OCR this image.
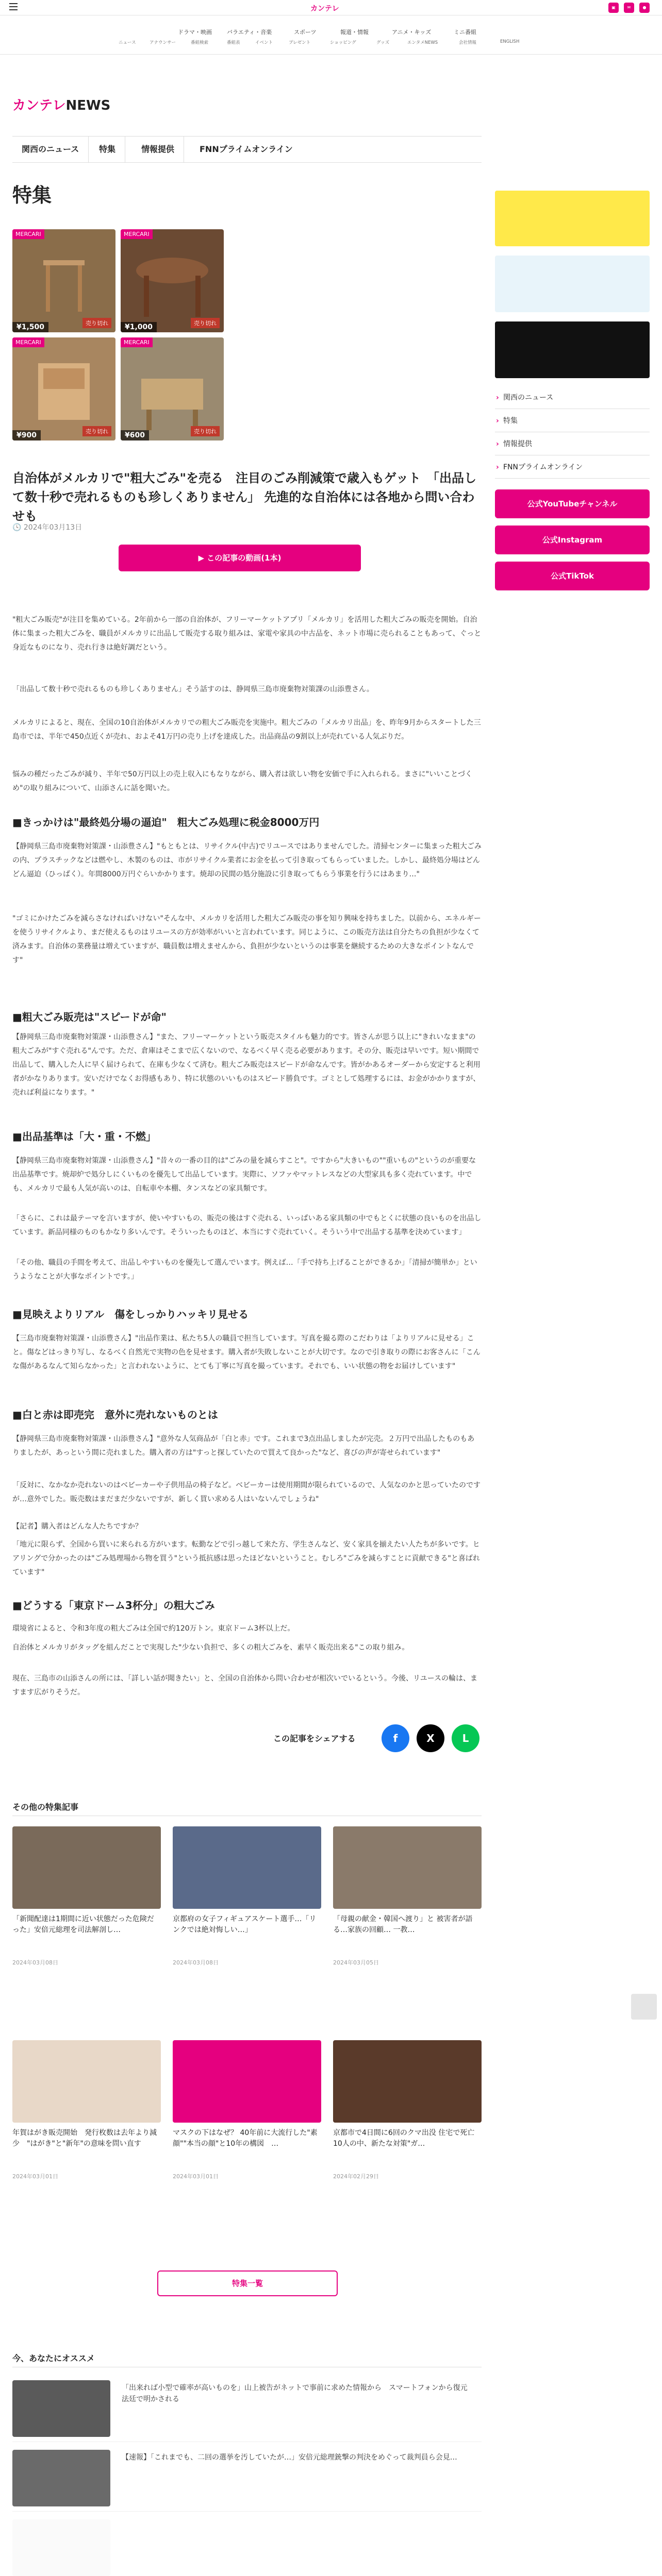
カンテレ	▣	✉	●
ドラマ・映画	バラエティ・音楽	スポーツ	報道・情報	アニメ・キッズ	ミニ番組
ニュース	アナウンサー	番組検索	番組表	イベント	プレゼント	ショッピング	グッズ	エンタメNEWS	会社情報	ENGLISH
カンテレNEWS
関西のニュース	特集	情報提供	FNNプライムオンライン
特集
MERCARI
¥1,500	売り切れ
MERCARI
¥1,000	売り切れ
MERCARI
¥900	売り切れ
MERCARI
¥600	売り切れ
自治体がメルカリで"粗大ごみ"を売る　注目のごみ削減策で歳入もゲット　「出品して数十秒で売れるものも珍しくありません」 先進的な自治体には各地から問い合わせも
🕓 2024年03月13日
▶ この記事の動画(1本)

"粗大ごみ販売"が注目を集めている。2年前から一部の自治体が、フリーマーケットアプリ「メルカリ」を活用した粗大ごみの販売を開始。自治体に集まった粗大ごみを、職員がメルカリに出品して販売する取り組みは、家電や家具の中古品を、ネット市場に売られることもあって、ぐっと身近なものになり、売れ行きは絶好調だという。

「出品して数十秒で売れるものも珍しくありません」そう話すのは、静岡県三島市廃棄物対策課の山添豊さん。

メルカリによると、現在、全国の10自治体がメルカリでの粗大ごみ販売を実施中。粗大ごみの「メルカリ出品」を、昨年9月からスタートした三島市では、半年で450点近くが売れ、およそ41万円の売り上げを達成した。出品商品の9割以上が売れている人気ぶりだ。

悩みの種だったごみが減り、半年で50万円以上の売上収入にもなりながら、購入者は欲しい物を安価で手に入れられる。まさに"いいことづくめ"の取り組みについて、山添さんに話を聞いた。

■きっかけは"最終処分場の逼迫"　粗大ごみ処理に税金8000万円

【静岡県三島市廃棄物対策課・山添豊さん】"もともとは、リサイクル(中古)でリユースではありませんでした。清掃センターに集まった粗大ごみの内、プラスチックなどは燃やし、木製のものは、市がリサイクル業者にお金を払って引き取ってもらっていました。しかし、最終処分場はどんどん逼迫（ひっぱく）。年間8000万円ぐらいかかります。焼却の民間の処分施設に引き取ってもらう事業を行うにはあまり…"

"ゴミにかけたごみを減らさなければいけない"そんな中、メルカリを活用した粗大ごみ販売の事を知り興味を持ちました。以前から、エネルギーを使うリサイクルより、まだ使えるものはリユースの方が効率がいいと言われています。同じように、この販売方法は自分たちの負担が少なくて済みます。自治体の業務量は増えていますが、職員数は増えませんから、負担が少ないというのは事業を継続するための大きなポイントなんです"

■粗大ごみ販売は"スピードが命"

【静岡県三島市廃棄物対策課・山添豊さん】"また、フリーマーケットという販売スタイルも魅力的です。皆さんが思う以上に"きれいなまま"の粗大ごみが"すぐ売れる"んです。ただ、倉庫はそこまで広くないので、なるべく早く売る必要があります。その分、販売は早いです。短い期間で出品して、購入した人に早く届けられて、在庫も少なくて済む。粗大ごみ販売はスピードが命なんです。皆がかあるオーダーから安定すると利用者がかなりあります。安いだけでなくお得感もあり、特に状態のいいものはスピード勝負です。ゴミとして処理するには、お金がかかりますが、売れば利益になります。"

■出品基準は「大・重・不燃」

【静岡県三島市廃棄物対策課・山添豊さん】"昔々の一番の目的は"ごみの量を減らすこと"。ですから"大きいもの""重いもの"というのが重要な出品基準です。焼却炉で処分しにくいものを優先して出品しています。実際に、ソファやマットレスなどの大型家具も多く売れています。中でも、メルカリで最も人気が高いのは、自転車や本棚、タンスなどの家具類です。

「さらに、これは最テーマを言いますが、使いやすいもの、販売の後はすぐ売れる、いっぱいある家具類の中でもとくに状態の良いものを出品しています。新品同様のものもかなり多いんです。そういったものほど、本当にすぐ売れていく。そういう中で出品する基準を決めています」

「その他、職員の手間を考えて、出品しやすいものを優先して選んでいます。例えば…「手で持ち上げることができるか」「清掃が簡単か」というようなことが大事なポイントです。」

■見映えよりリアル　傷をしっかりハッキリ見せる

【三島市廃棄物対策課・山添豊さん】"出品作業は、私たち5人の職員で担当しています。写真を撮る際のこだわりは「よりリアルに見せる」こと。傷などはっきり写し、なるべく自然光で実物の色を見せます。購入者が失敗しないことが大切です。なので引き取りの際にお客さんに「こんな傷があるなんて知らなかった」と言われないように、とても丁寧に写真を撮っています。それでも、いい状態の物をお届けしています"

■白と赤は即売完　意外に売れないものとは

【静岡県三島市廃棄物対策課・山添豊さん】"意外な人気商品が「白と赤」です。これまで3点出品しましたが完売。２万円で出品したものもありましたが、あっという間に売れました。購入者の方は"すっと探していたので買えて良かった"など、喜びの声が寄せられています"

「反対に、なかなか売れないのはベビーカーや子供用品の椅子など。ベビーカーは使用期間が限られているので、人気なのかと思っていたのですが…意外でした。販売数はまだまだ少ないですが、新しく買い求める人はいないんでしょうね"

【記者】購入者はどんな人たちですか？

「地元に限らず、全国から買いに来られる方がいます。転勤などで引っ越して来た方、学生さんなど、安く家具を揃えたい人たちが多いです。ヒアリングで分かったのは"ごみ処理場から物を買う"という抵抗感は思ったほどないということ。むしろ"ごみを減らすことに貢献できる"と喜ばれています"

■どうする「東京ドーム3杯分」の粗大ごみ

環境省によると、令和3年度の粗大ごみは全国で約120万トン。東京ドーム3杯以上だ。

自治体とメルカリがタッグを組んだことで実現した"少ない負担で、多くの粗大ごみを、素早く販売出来る"この取り組み。

現在、三島市の山添さんの所には、「詳しい話が聞きたい」と、全国の自治体から問い合わせが相次いでいるという。今後、リユースの輪は、ますます広がりそうだ。

この記事をシェアする	f	X	L
その他の特集記事
「新聞配達は1期間に近い状態だった危険だった」安倍元総理を司法解剖し…
2024年03月08日
京都府の女子フィギュアスケート選手…「リンクでは絶対悔しい…」
2024年03月08日
「母親の献金・韓国へ渡り」と 被害者が語る…家族の回顧… 一教…
2024年03月05日
年賀はがき販売開始　発行枚数は去年より減少　"はがき"と"新年"の意味を問い直す
2024年03月01日
マスクの下はなぜ？ 40年前に大流行した"素顔""本当の顔"と10年の構図　…
2024年03月01日
京都市で4日間に6回のクマ出没 住宅で死亡10人の中、新たな対策"ガ…
2024年02月29日
特集一覧
今、あなたにオススメ
「出来れば小型で確率が高いものを」山上被告がネットで事前に求めた情報から　スマートフォンから復元　法廷で明かされる
【速報】「これまでも、二回の選挙を汚していたが…」安倍元総理銃撃の判決をめぐって裁判員ら会見…
› 関西のニュース
› 特集
› 情報提供
› FNNプライムオンライン
公式YouTubeチャンネル
公式Instagram
公式TikTok
